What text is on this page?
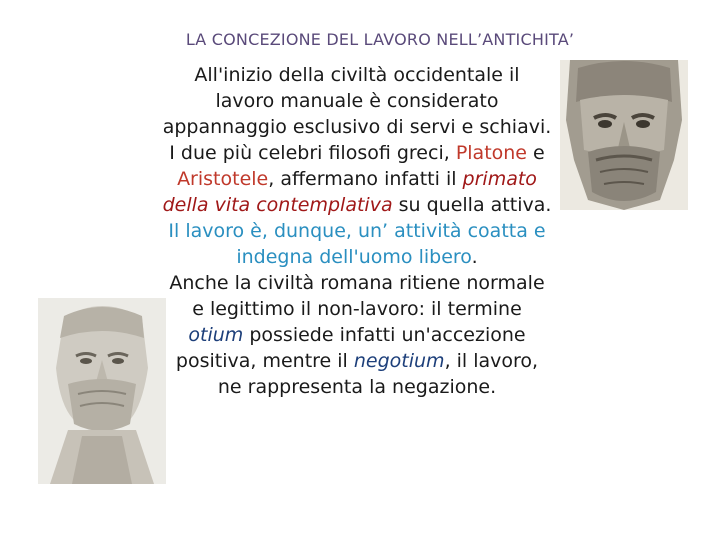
LA CONCEZIONE DEL LAVORO NELL’ANTICHITA’
All'inizio della civiltà occidentale il lavoro manuale è considerato appannaggio esclusivo di servi e schiavi. I due più celebri filosofi greci, Platone e Aristotele, affermano infatti il primato della vita contemplativa su quella attiva. Il lavoro è, dunque, un’ attività coatta e indegna dell'uomo libero.
Anche la civiltà romana ritiene normale e legittimo il non-lavoro: il termine otium possiede infatti un'accezione positiva, mentre il negotium, il lavoro, ne rappresenta la negazione.
